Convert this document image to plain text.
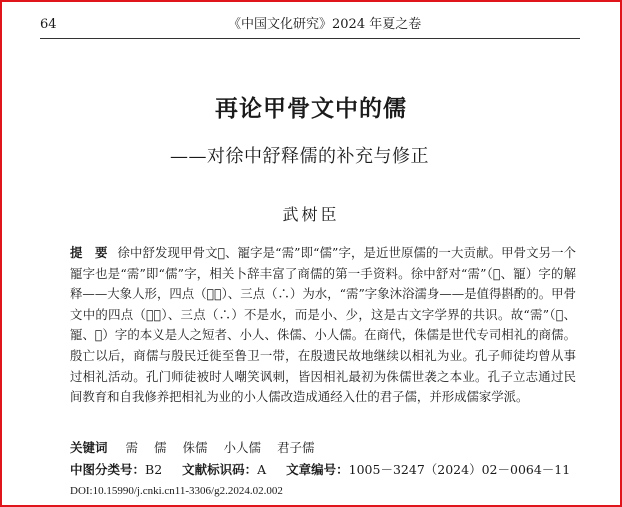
64	《中国文化研究》2024 年夏之卷
再论甲骨文中的儒
——对徐中舒释儒的补充与修正
武树臣

提　要 徐中舒发现甲骨文𠕈、𠖥字是“需”即“儒”字，是近世原儒的一大贡献。甲骨文另一个𠖥字也是“需”即“儒”字，相关卜辞丰富了商儒的第一手资料。徐中舒对“需”（𠕈、𠖥）字的解释——大象人形，四点（⁚⁚）、三点（∴）为水，“需”字象沐浴濡身——是值得斟酌的。甲骨文中的四点（⁚⁚）、三点（∴）不是水，而是小、少，这是古文字学界的共识。故“需”（𠕈、𠖥、𠕈）字的本义是人之短者、小人、侏儒、小人儒。在商代，侏儒是世代专司相礼的商儒。殷亡以后，商儒与殷民迁徙至鲁卫一带，在殷遗民故地继续以相礼为业。孔子师徒均曾从事过相礼活动。孔门师徒被时人嘲笑讽刺，皆因相礼最初为侏儒世袭之本业。孔子立志通过民间教育和自我修养把相礼为业的小人儒改造成通经入仕的君子儒，并形成儒家学派。

关键词 需 儒 侏儒 小人儒 君子儒
中图分类号：B2 文献标识码：A 文章编号：1005－3247（2024）02－0064－11
DOI:10.15990/j.cnki.cn11-3306/g2.2024.02.002
